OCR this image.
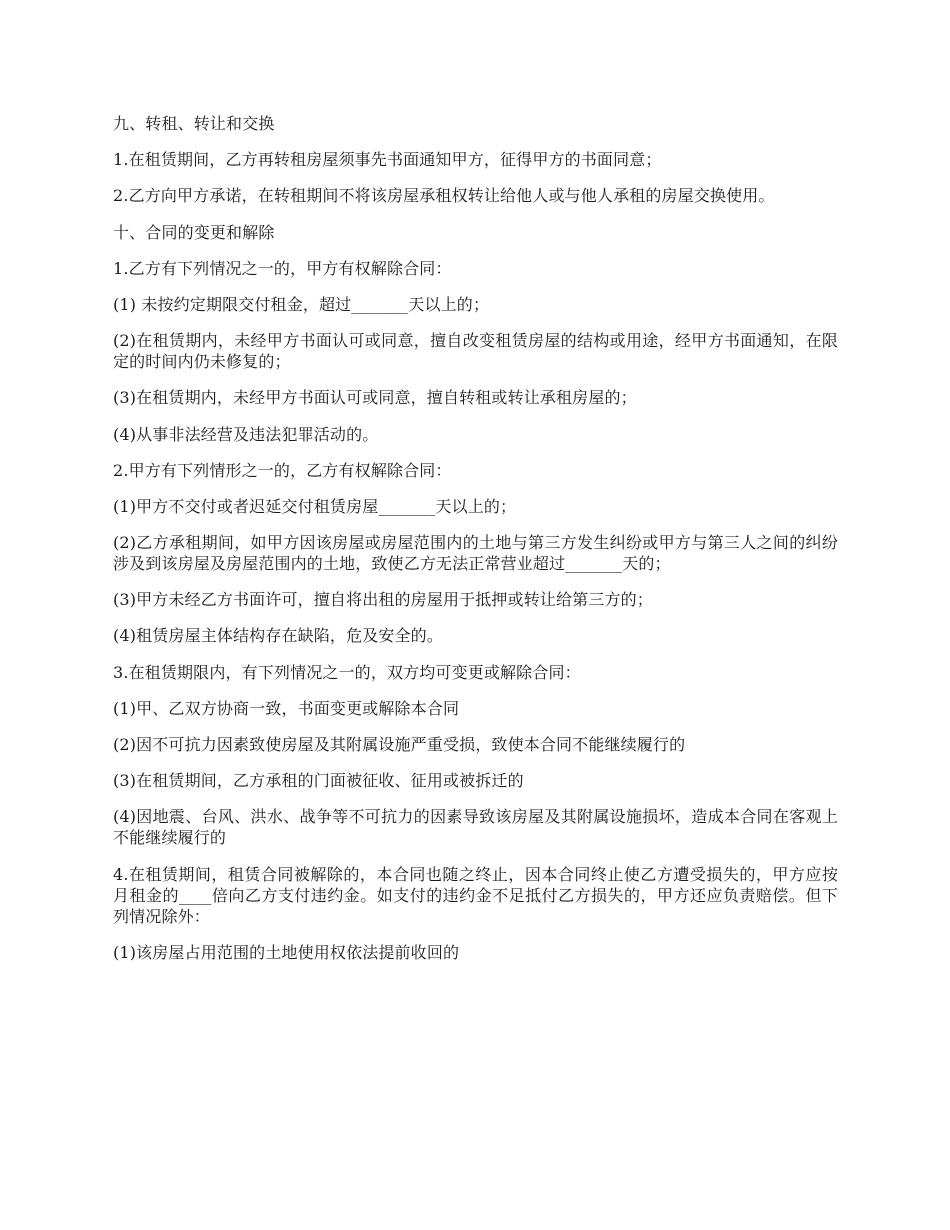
九、转租、转让和交换

1.在租赁期间，乙方再转租房屋须事先书面通知甲方，征得甲方的书面同意；

2.乙方向甲方承诺，在转租期间不将该房屋承租权转让给他人或与他人承租的房屋交换使用。

十、合同的变更和解除

1.乙方有下列情况之一的，甲方有权解除合同：

(1) 未按约定期限交付租金，超过_______天以上的；

(2)在租赁期内，未经甲方书面认可或同意，擅自改变租赁房屋的结构或用途，经甲方书面通知，在限定的时间内仍未修复的；

(3)在租赁期内，未经甲方书面认可或同意，擅自转租或转让承租房屋的；

(4)从事非法经营及违法犯罪活动的。

2.甲方有下列情形之一的，乙方有权解除合同：

(1)甲方不交付或者迟延交付租赁房屋_______天以上的；

(2)乙方承租期间，如甲方因该房屋或房屋范围内的土地与第三方发生纠纷或甲方与第三人之间的纠纷涉及到该房屋及房屋范围内的土地，致使乙方无法正常营业超过_______天的；

(3)甲方未经乙方书面许可，擅自将出租的房屋用于抵押或转让给第三方的；

(4)租赁房屋主体结构存在缺陷，危及安全的。

3.在租赁期限内，有下列情况之一的，双方均可变更或解除合同：

(1)甲、乙双方协商一致，书面变更或解除本合同

(2)因不可抗力因素致使房屋及其附属设施严重受损，致使本合同不能继续履行的

(3)在租赁期间，乙方承租的门面被征收、征用或被拆迁的

(4)因地震、台风、洪水、战争等不可抗力的因素导致该房屋及其附属设施损坏，造成本合同在客观上不能继续履行的

4.在租赁期间，租赁合同被解除的，本合同也随之终止，因本合同终止使乙方遭受损失的，甲方应按月租金的____倍向乙方支付违约金。如支付的违约金不足抵付乙方损失的，甲方还应负责赔偿。但下列情况除外：

(1)该房屋占用范围的土地使用权依法提前收回的
